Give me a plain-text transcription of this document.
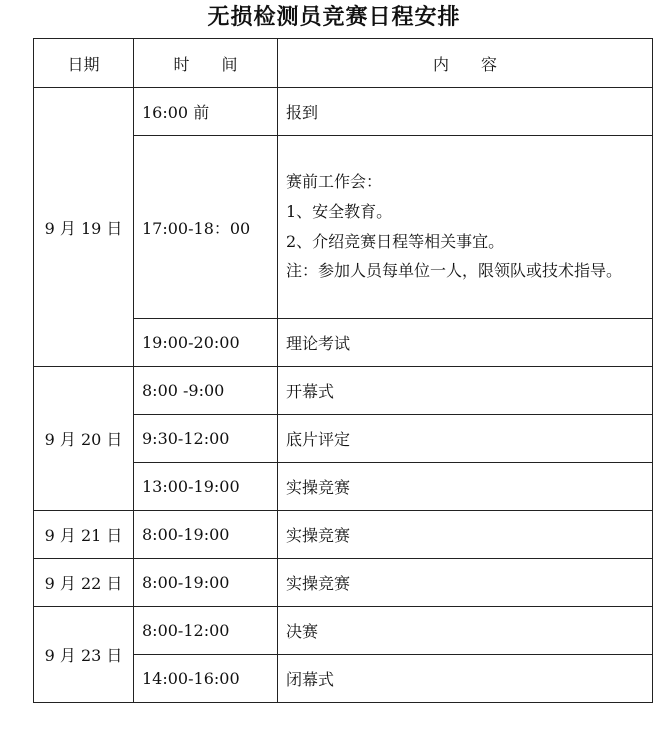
无损检测员竞赛日程安排
日期	时　　间	内　　容
9 月 19 日	16:00 前	报到
	17:00-18：00	赛前工作会：
1、安全教育。
2、介绍竞赛日程等相关事宜。
注：参加人员每单位一人，限领队或技术指导。

	19:00-20:00	理论考试
9 月 20 日	8:00 -9:00	开幕式
	9:30-12:00	底片评定
	13:00-19:00	实操竞赛
9 月 21 日	8:00-19:00	实操竞赛
9 月 22 日	8:00-19:00	实操竞赛
9 月 23 日	8:00-12:00	决赛
	14:00-16:00	闭幕式
